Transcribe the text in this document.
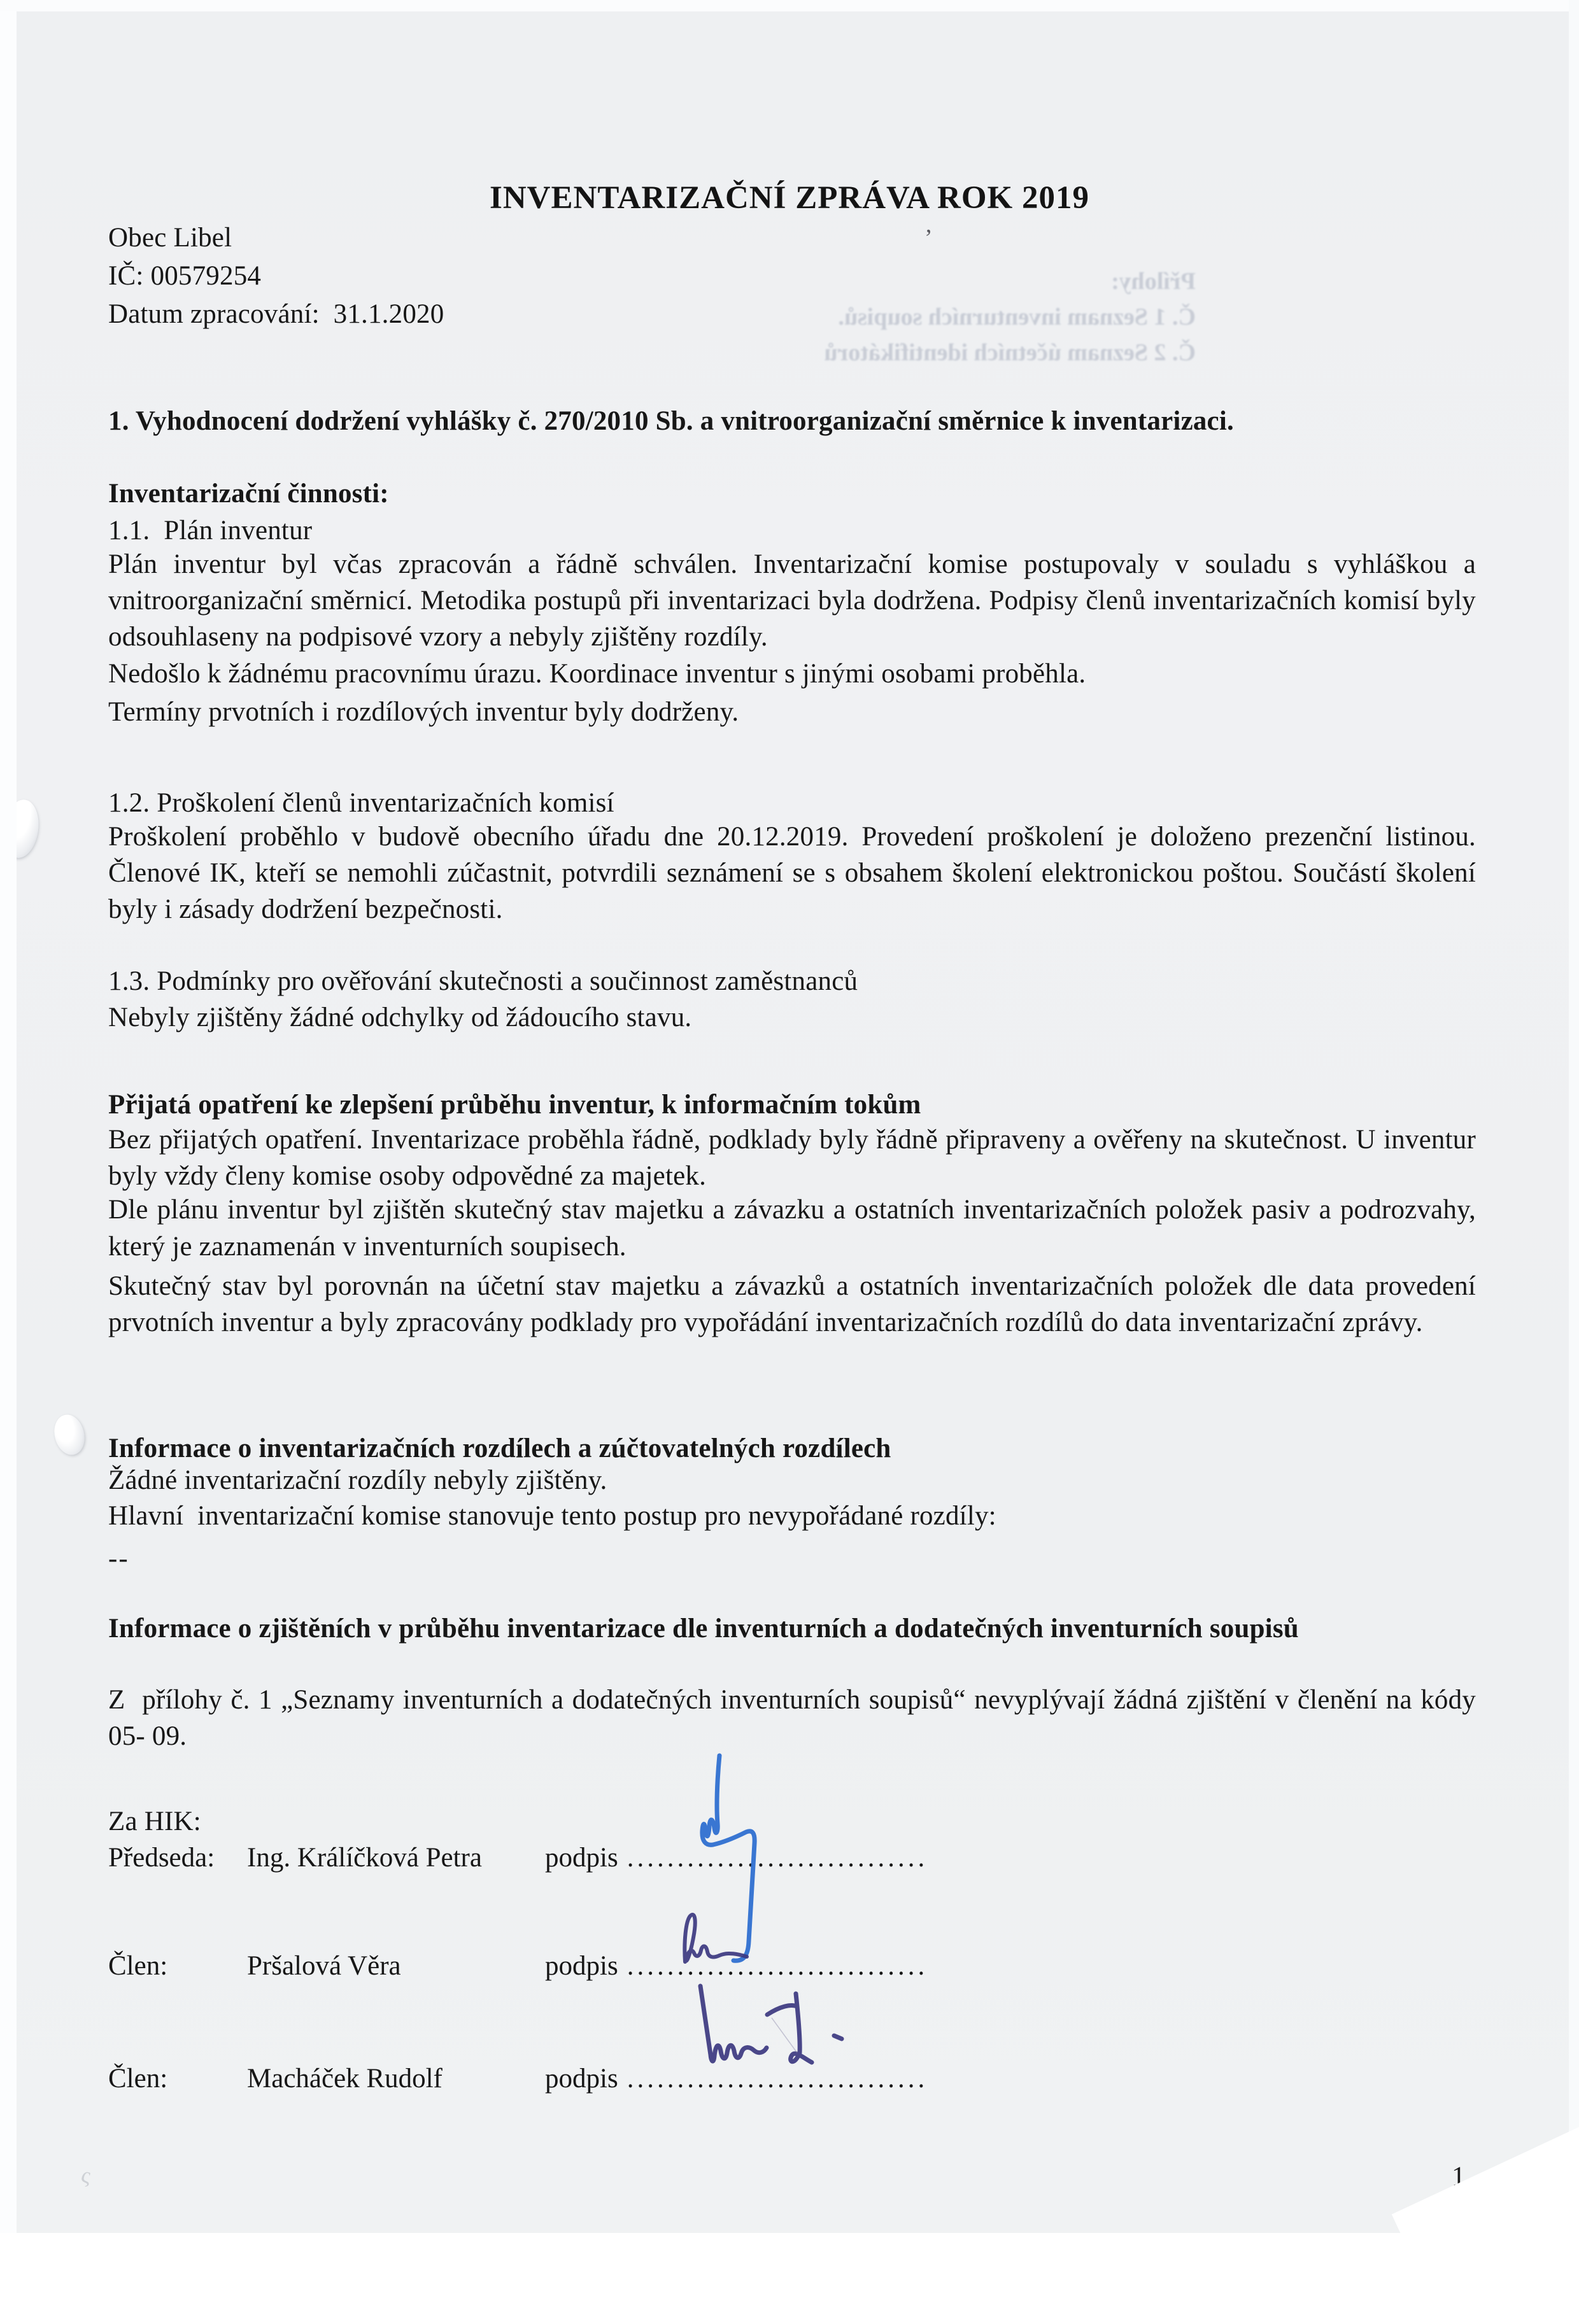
Přílohy:
Č. 1 Seznam inventurních soupisů.
Č. 2 Seznam účetních identifikátorů
INVENTARIZAČNÍ ZPRÁVA ROK 2019
’
Obec Libel
IČ: 00579254
Datum zpracování:  31.1.2020
1. Vyhodnocení dodržení vyhlášky č. 270/2010 Sb. a vnitroorganizační směrnice k inventarizaci.
Inventarizační činnosti:
1.1.  Plán inventur
Plán inventur byl včas zpracován a řádně schválen. Inventarizační komise postupovaly v souladu s vyhláškou a vnitroorganizační směrnicí. Metodika postupů při inventarizaci byla dodržena. Podpisy členů inventarizačních komisí byly odsouhlaseny na podpisové vzory a nebyly zjištěny rozdíly.
Nedošlo k žádnému pracovnímu úrazu. Koordinace inventur s jinými osobami proběhla.
Termíny prvotních i rozdílových inventur byly dodrženy.
1.2. Proškolení členů inventarizačních komisí
Proškolení proběhlo v budově obecního úřadu dne 20.12.2019. Provedení proškolení je doloženo prezenční listinou. Členové IK, kteří se nemohli zúčastnit, potvrdili seznámení se s obsahem školení elektronickou poštou. Součástí školení byly i zásady dodržení bezpečnosti.
1.3. Podmínky pro ověřování skutečnosti a součinnost zaměstnanců
Nebyly zjištěny žádné odchylky od žádoucího stavu.
Přijatá opatření ke zlepšení průběhu inventur, k informačním tokům
Bez přijatých opatření. Inventarizace proběhla řádně, podklady byly řádně připraveny a ověřeny na skutečnost. U inventur byly vždy členy komise osoby odpovědné za majetek.
Dle plánu inventur byl zjištěn skutečný stav majetku a závazku a ostatních inventarizačních položek pasiv a podrozvahy, který je zaznamenán v inventurních soupisech.
Skutečný stav byl porovnán na účetní stav majetku a závazků a ostatních inventarizačních položek dle data provedení prvotních inventur a byly zpracovány podklady pro vypořádání inventarizačních rozdílů do data inventarizační zprávy.
Informace o inventarizačních rozdílech a zúčtovatelných rozdílech
Žádné inventarizační rozdíly nebyly zjištěny.
Hlavní  inventarizační komise stanovuje tento postup pro nevypořádané rozdíly:
--
Informace o zjištěních v průběhu inventarizace dle inventurních a dodatečných inventurních soupisů
Z  přílohy č. 1 „Seznamy inventurních a dodatečných inventurních soupisů“ nevyplývají žádná zjištění v členění na kódy 05- 09.
Za HIK:
Předseda:	Ing. Králíčková Petra	podpis ..............................
Člen:	Pršalová Věra	podpis ..............................
Člen:	Macháček Rudolf	podpis ..............................
ς	1
